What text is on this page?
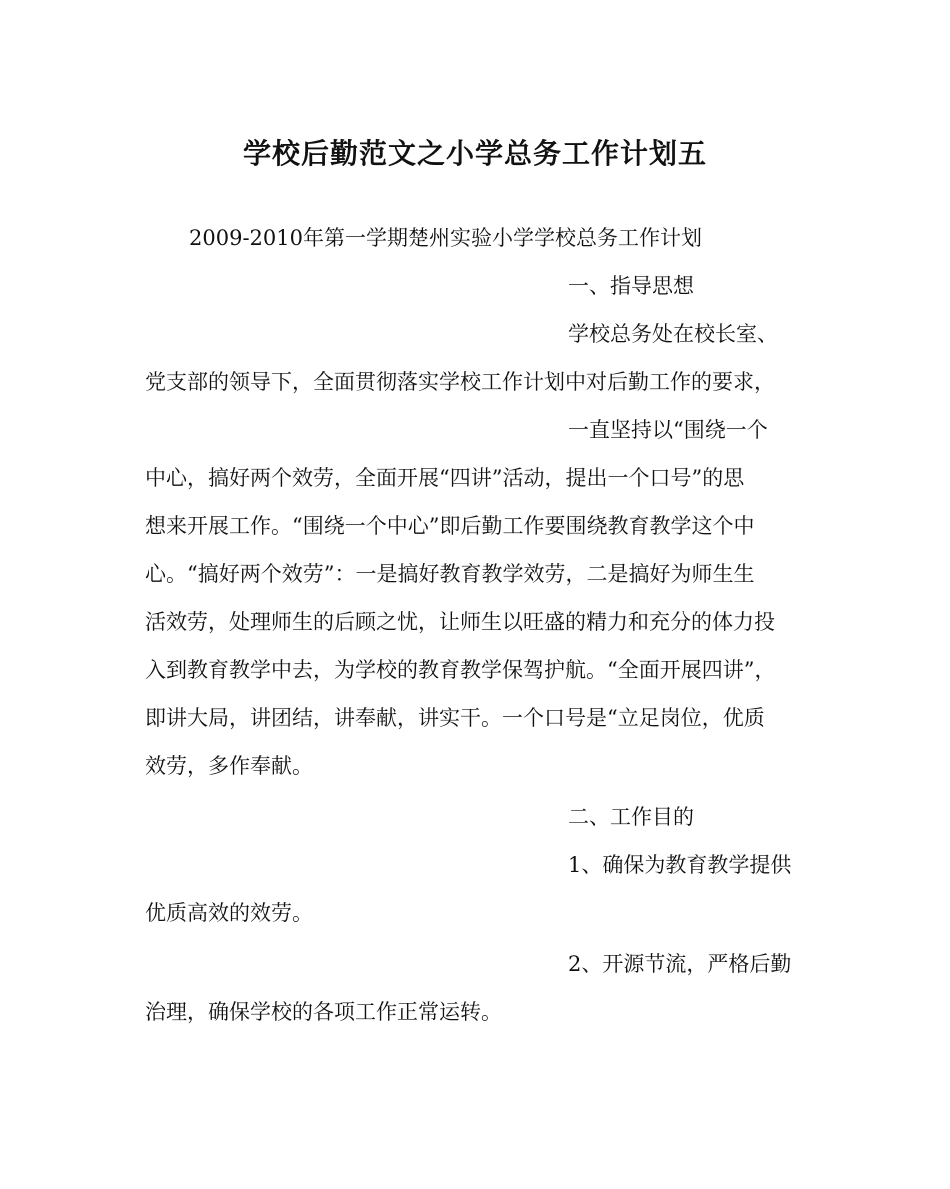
学校后勤范文之小学总务工作计划五
2009-2010年第一学期楚州实验小学学校总务工作计划
一、指导思想
学校总务处在校长室、
党支部的领导下，全面贯彻落实学校工作计划中对后勤工作的要求，
一直坚持以“围绕一个
中心，搞好两个效劳，全面开展“四讲”活动，提出一个口号”的思
想来开展工作。“围绕一个中心”即后勤工作要围绕教育教学这个中
心。“搞好两个效劳”：一是搞好教育教学效劳，二是搞好为师生生
活效劳，处理师生的后顾之忧，让师生以旺盛的精力和充分的体力投
入到教育教学中去，为学校的教育教学保驾护航。“全面开展四讲”，
即讲大局，讲团结，讲奉献，讲实干。一个口号是“立足岗位，优质
效劳，多作奉献。
二、工作目的
1、确保为教育教学提供
优质高效的效劳。
2、开源节流，严格后勤
治理，确保学校的各项工作正常运转。
